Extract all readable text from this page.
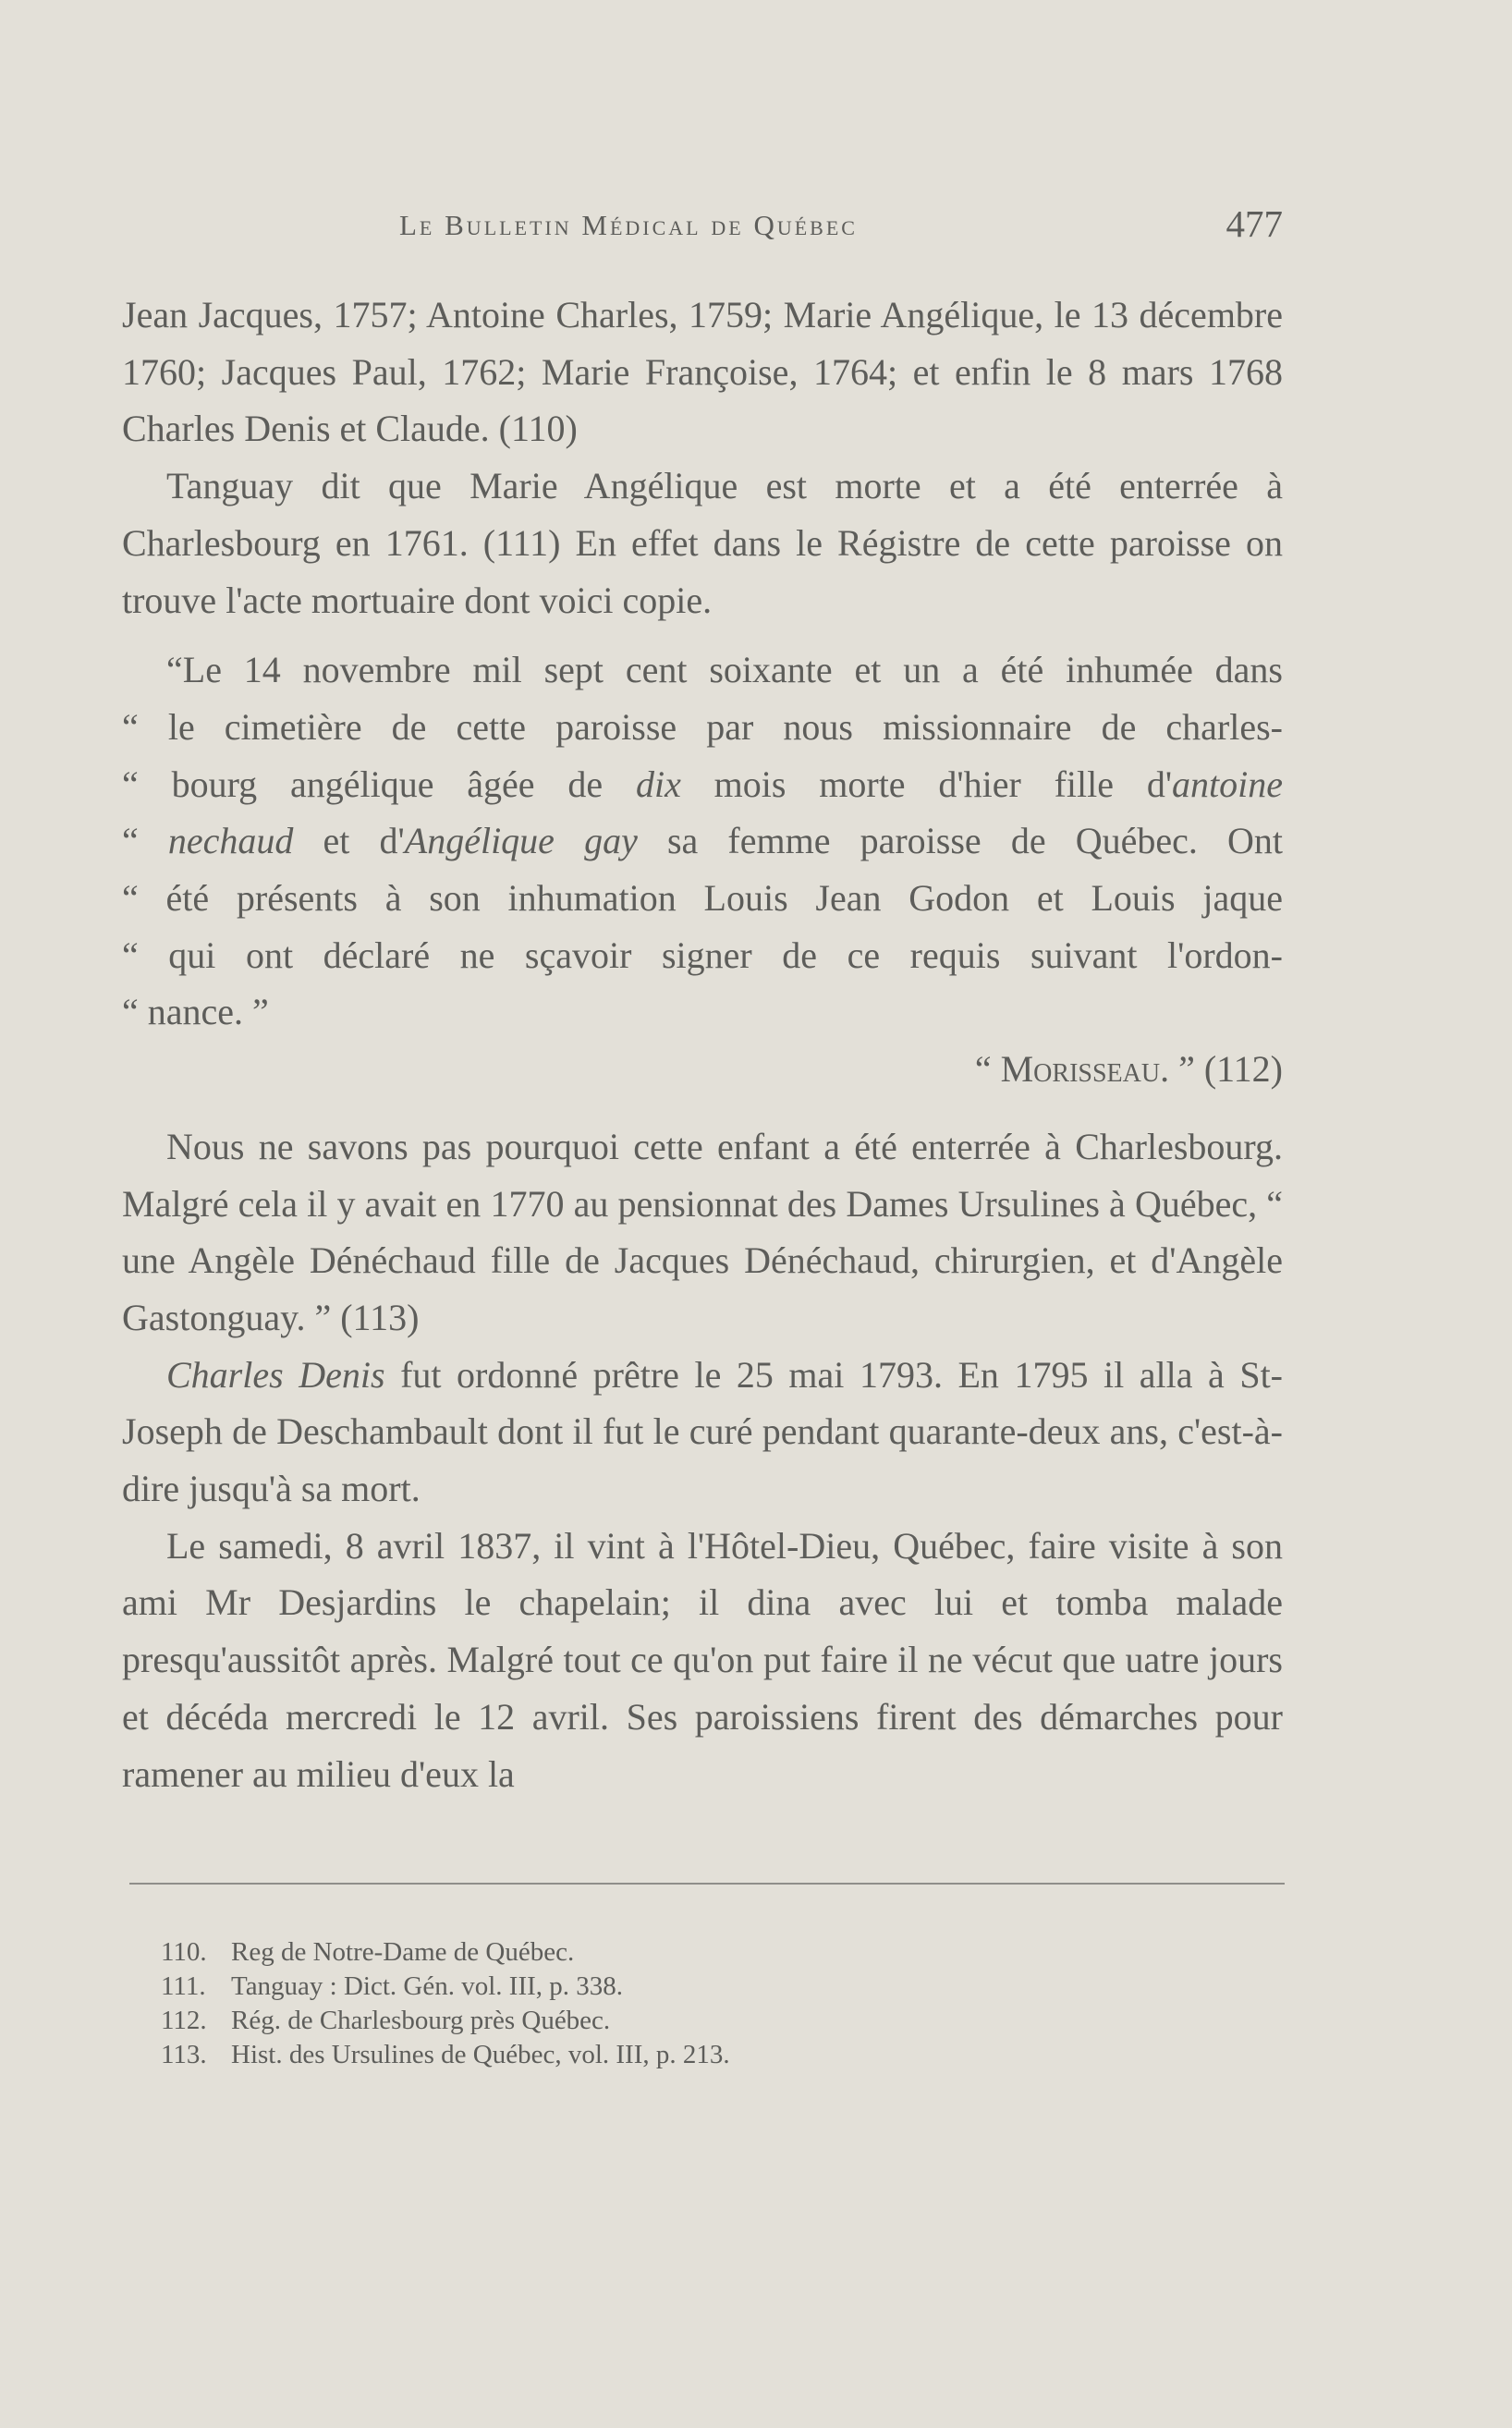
Le Bulletin Médical de Québec	477

Jean Jacques, 1757; Antoine Charles, 1759; Marie Angélique, le 13 décembre 1760; Jacques Paul, 1762; Marie Françoise, 1764; et enfin le 8 mars 1768 Charles Denis et Claude. (110)

Tanguay dit que Marie Angélique est morte et a été enterrée à Charlesbourg en 1761. (111) En effet dans le Régistre de cette paroisse on trouve l'acte mortuaire dont voici copie.

“Le 14 novembre mil sept cent soixante et un a été inhumée dans
“ le cimetière de cette paroisse par nous missionnaire de charles-
“ bourg angélique âgée de dix mois morte d'hier fille d'antoine
“ nechaud et d'Angélique gay sa femme paroisse de Québec. Ont
“ été présents à son inhumation Louis Jean Godon et Louis jaque
“ qui ont déclaré ne sçavoir signer de ce requis suivant l'ordon-
“ nance. ”
“ Morisseau. ” (112)

Nous ne savons pas pourquoi cette enfant a été enterrée à Charlesbourg. Malgré cela il y avait en 1770 au pensionnat des Dames Ursulines à Québec, “ une Angèle Dénéchaud fille de Jacques Dénéchaud, chirurgien, et d'Angèle Gastonguay. ” (113)

Charles Denis fut ordonné prêtre le 25 mai 1793. En 1795 il alla à St-Joseph de Deschambault dont il fut le curé pendant quarante-deux ans, c'est-à-dire jusqu'à sa mort.

Le samedi, 8 avril 1837, il vint à l'Hôtel-Dieu, Québec, faire visite à son ami Mr Desjardins le chapelain; il dina avec lui et tomba malade presqu'aussitôt après. Malgré tout ce qu'on put faire il ne vécut que uatre jours et décéda mercredi le 12 avril. Ses paroissiens firent des démarches pour ramener au milieu d'eux la

110. Reg de Notre-Dame de Québec.
111. Tanguay : Dict. Gén. vol. III, p. 338.
112. Rég. de Charlesbourg près Québec.
113. Hist. des Ursulines de Québec, vol. III, p. 213.
